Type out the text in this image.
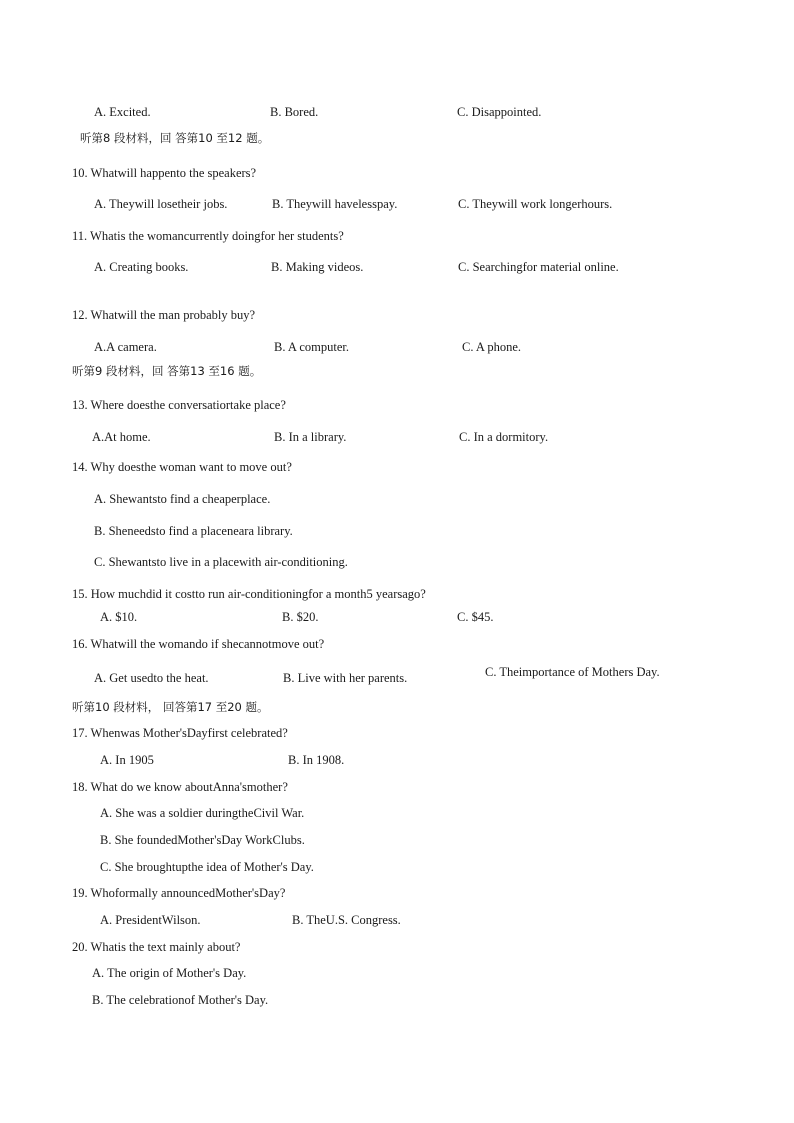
A. Excited.	B. Bored.	C. Disappointed.
听第8 段材料，回 答第10 至12 题。
10. Whatwill happento the speakers?
A. Theywill losetheir jobs.	B. Theywill havelesspay.	C. Theywill work longerhours.
11. Whatis the womancurrently doingfor her students?
A. Creating books.	B. Making videos.	C. Searchingfor material online.
12. Whatwill the man probably buy?
A.A camera.	B. A computer.	C. A phone.
听第9 段材料，回 答第13 至16 题。
13. Where doesthe conversatiortake place?
A.At home.	B. In a library.	C. In a dormitory.
14. Why doesthe woman want to move out?
A. Shewantsto find a cheaperplace.
B. Sheneedsto find a placeneara library.
C. Shewantsto live in a placewith air-conditioning.
15. How muchdid it costto run air-conditioningfor a month5 yearsago?
A. $10.	B. $20.	C. $45.
16. Whatwill the womando if shecannotmove out?
C. Theimportance of Mothers Day.
A. Get usedto the heat.	B. Live with her parents.
听第10 段材料， 回答第17 至20 题。
17. Whenwas Mother'sDayfirst celebrated?
A. In 1905	B. In 1908.
18. What do we know aboutAnna'smother?
A. She was a soldier duringtheCivil War.
B. She foundedMother'sDay WorkClubs.
C. She broughtupthe idea of Mother's Day.
19. Whoformally announcedMother'sDay?
A. PresidentWilson.	B. TheU.S. Congress.
20. Whatis the text mainly about?
A. The origin of Mother's Day.
B. The celebrationof Mother's Day.
